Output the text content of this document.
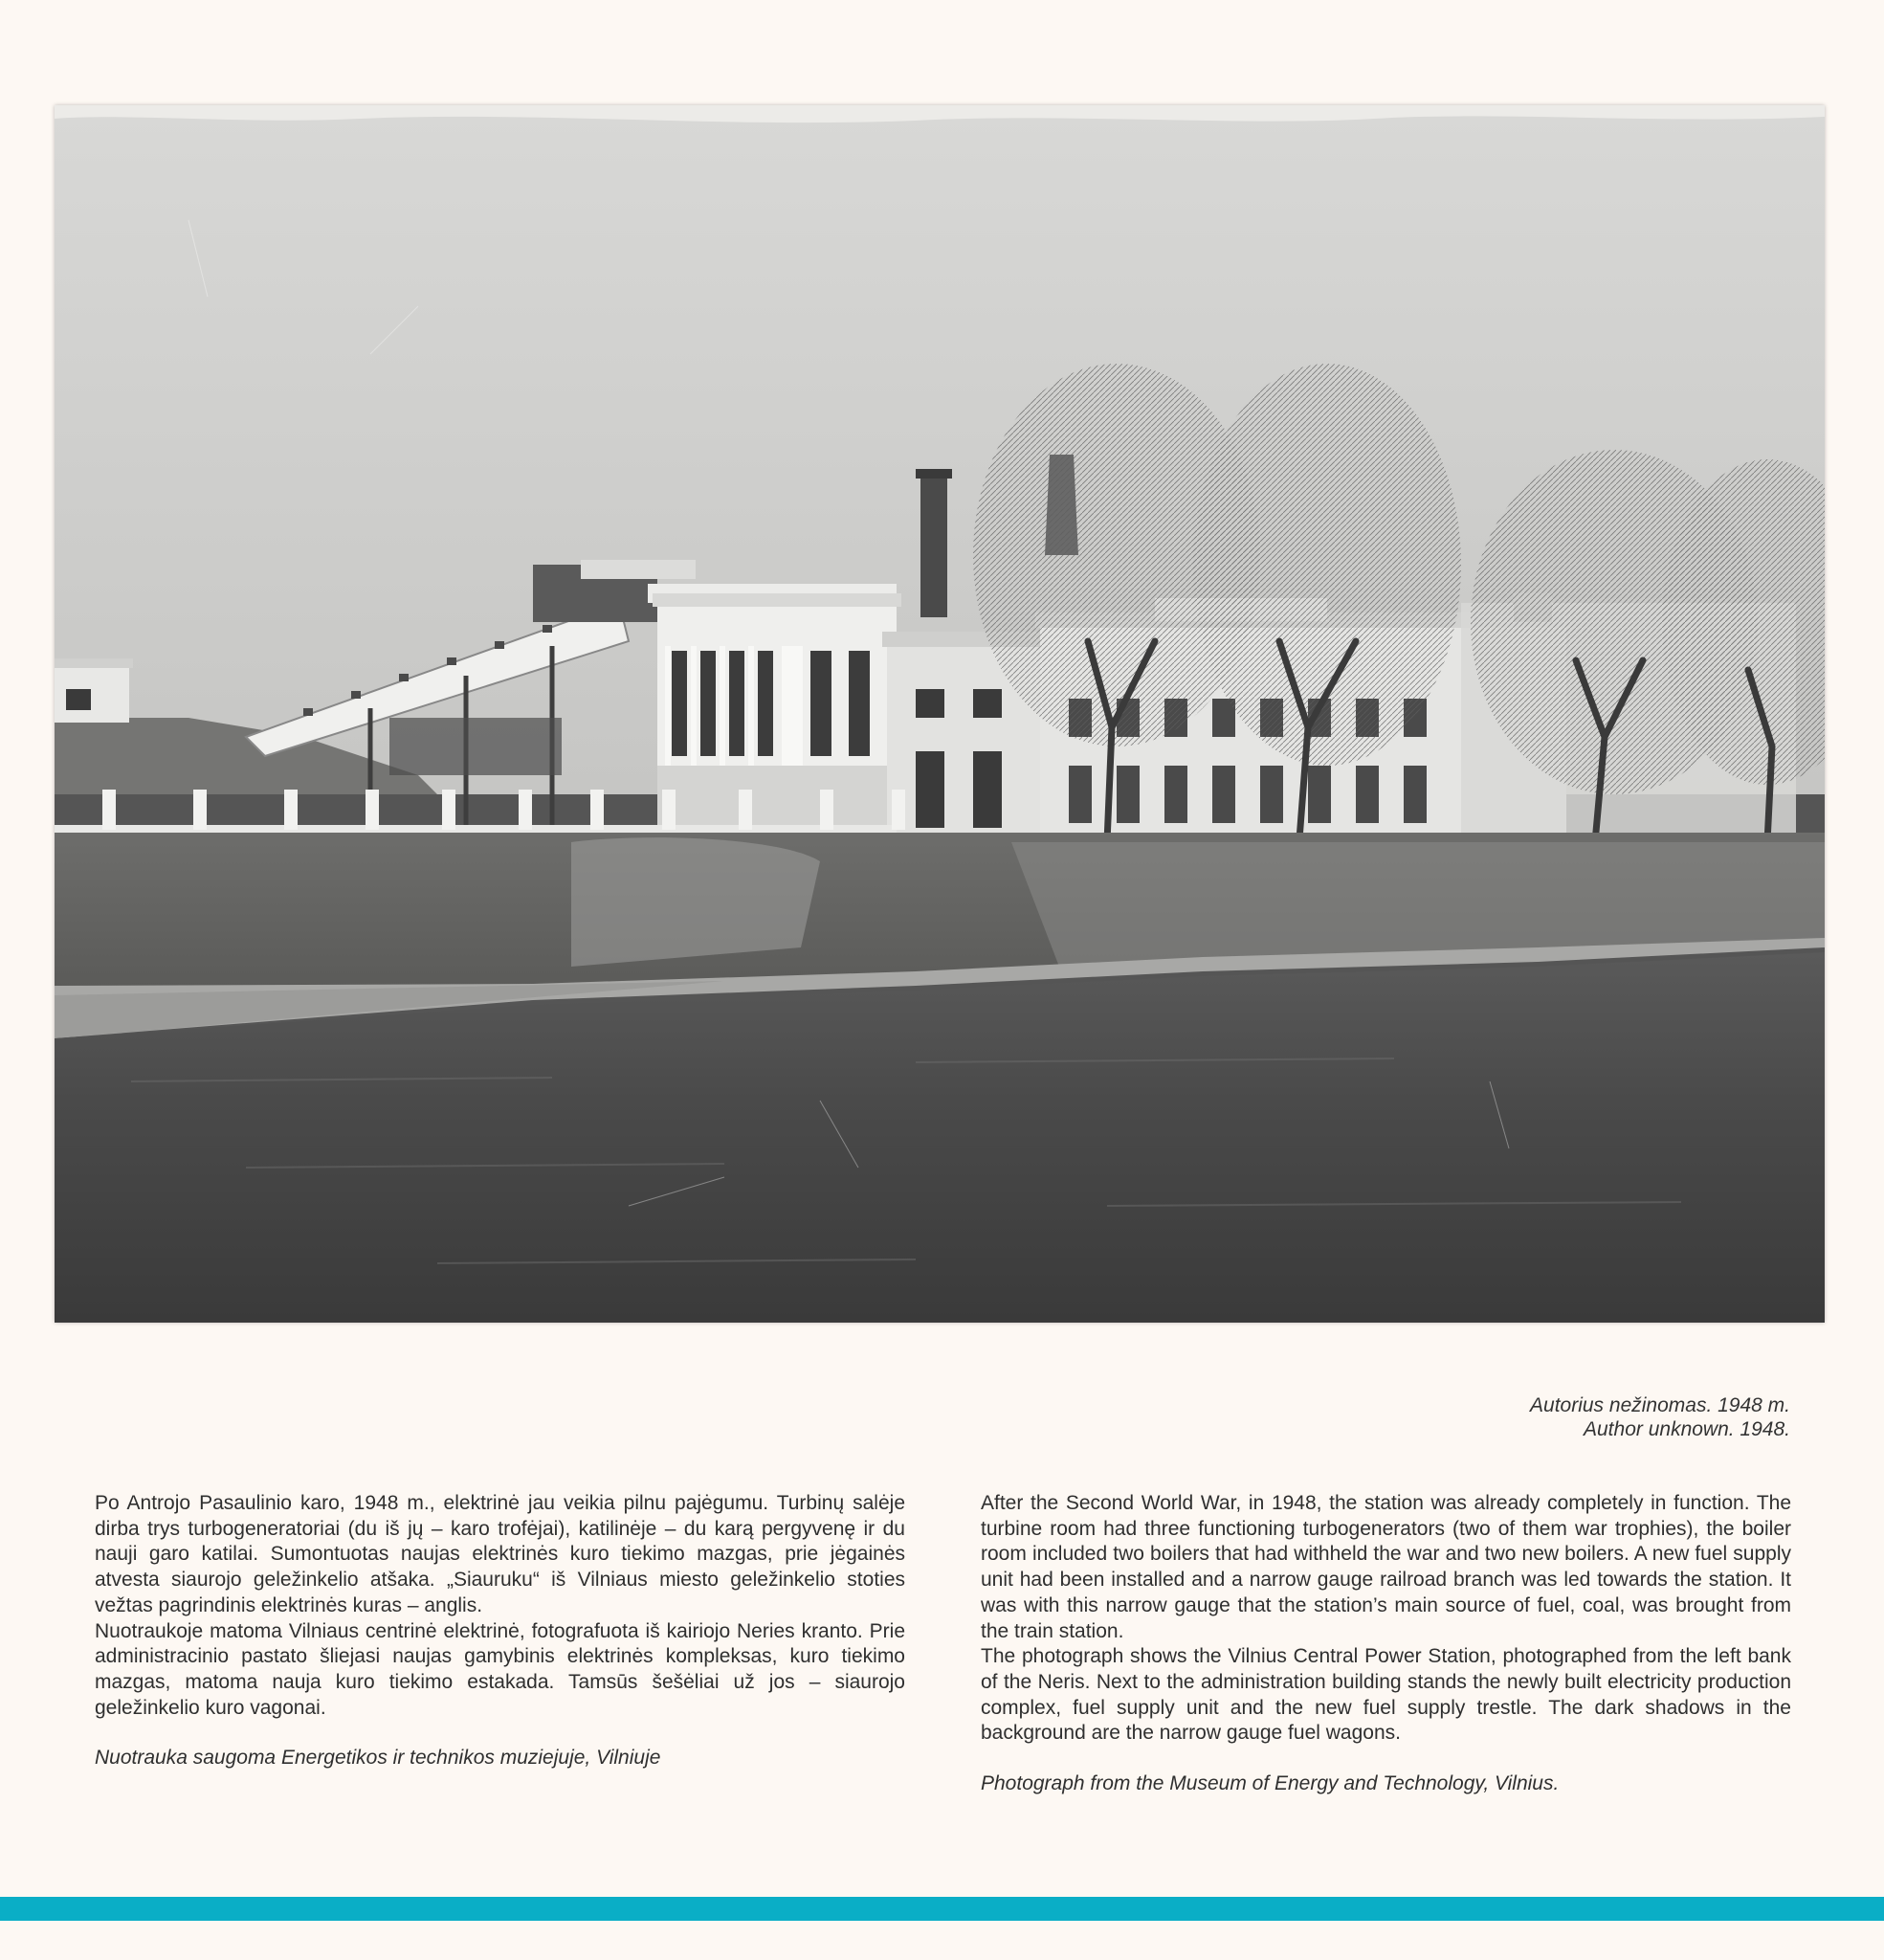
Autorius nežinomas. 1948 m.
Author unknown. 1948.

Po Antrojo Pasaulinio karo, 1948 m., elektrinė jau veikia pilnu pajėgumu. Turbinų salėje dirba trys turbogeneratoriai (du iš jų – karo trofėjai), katilinėje – du karą pergyvenę ir du nauji garo katilai. Sumontuotas naujas elektrinės kuro tiekimo mazgas, prie jėgainės atvesta siaurojo geležinkelio atšaka. „Siauruku“ iš Vilniaus miesto geležinkelio stoties vežtas pagrindinis elektrinės kuras – anglis.

Nuotraukoje matoma Vilniaus centrinė elektrinė, fotografuota iš kairiojo Neries kranto. Prie administracinio pastato šliejasi naujas gamybinis elektrinės kompleksas, kuro tiekimo mazgas, matoma nauja kuro tiekimo estakada. Tamsūs šešėliai už jos – siaurojo geležinkelio kuro vagonai.

Nuotrauka saugoma Energetikos ir technikos muziejuje, Vilniuje

After the Second World War, in 1948, the station was already completely in function. The turbine room had three functioning turbogenerators (two of them war trophies), the boiler room included two boilers that had withheld the war and two new boilers. A new fuel supply unit had been installed and a narrow gauge railroad branch was led towards the station. It was with this narrow gauge that the station’s main source of fuel, coal, was brought from the train station.

The photograph shows the Vilnius Central Power Station, photographed from the left bank of the Neris. Next to the administration building stands the newly built electricity production complex, fuel supply unit and the new fuel supply trestle. The dark shadows in the background are the narrow gauge fuel wagons.

Photograph from the Museum of Energy and Technology, Vilnius.
